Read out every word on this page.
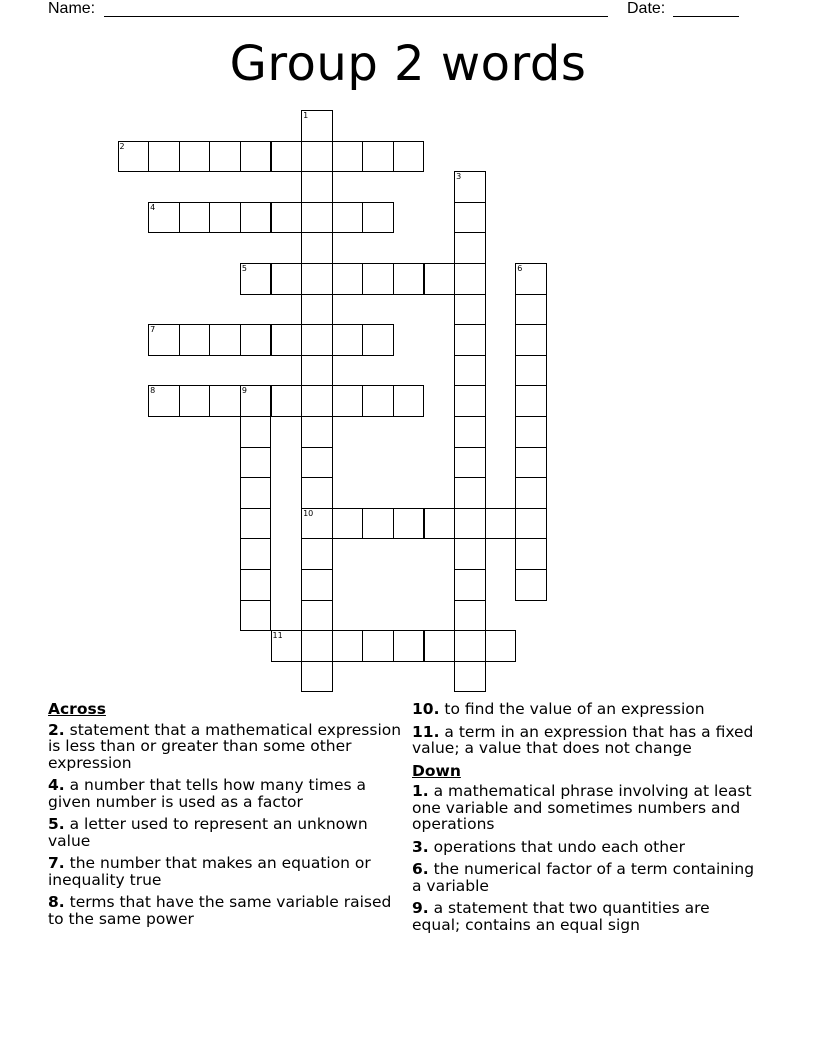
Name:	Date:
Group 2 words
1
10
2
3
4
5	6
7
8	9
11
Across
2. statement that a mathematical expression is less than or greater than some other expression
4. a number that tells how many times a given number is used as a factor
5. a letter used to represent an unknown value
7. the number that makes an equation or inequality true
8. terms that have the same variable raised to the same power
10. to find the value of an expression
11. a term in an expression that has a fixed value; a value that does not change
Down
1. a mathematical phrase involving at least one variable and sometimes numbers and operations
3. operations that undo each other
6. the numerical factor of a term containing a variable
9. a statement that two quantities are equal; contains an equal sign
